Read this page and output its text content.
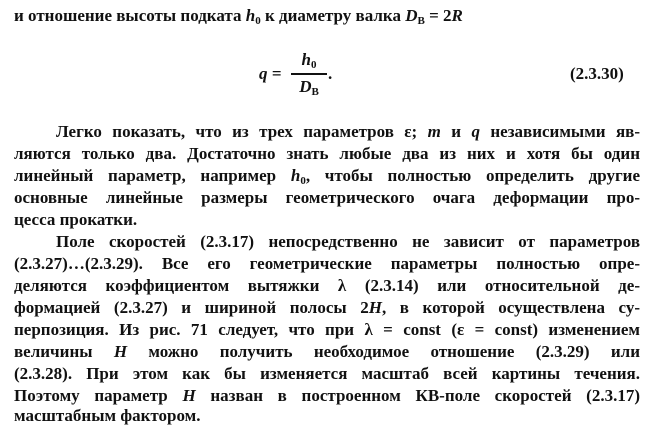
и отношение высоты подката $h_0$ к диаметру валка $D_В = 2R$
q =
$h_0$
$D_B$
.	(2.3.30)
Легко показать, что из трех параметров ε; m и q независимыми яв-
ляются только два. Достаточно знать любые два из них и хотя бы один
линейный параметр, например $h_0$, чтобы полностью определить другие
основные линейные размеры геометрического очага деформации про-
цесса прокатки.
Поле скоростей (2.3.17) непосредственно не зависит от параметров
(2.3.27)…(2.3.29). Все его геометрические параметры полностью опре-
деляются коэффициентом вытяжки λ (2.3.14) или относительной де-
формацией (2.3.27) и шириной полосы 2H, в которой осуществлена су-
перпозиция. Из рис. 71 следует, что при λ = const (ε = const) изменением
величины H можно получить необходимое отношение (2.3.29) или
(2.3.28). При этом как бы изменяется масштаб всей картины течения.
Поэтому параметр H назван в построенном КВ-поле скоростей (2.3.17)
масштабным фактором.
